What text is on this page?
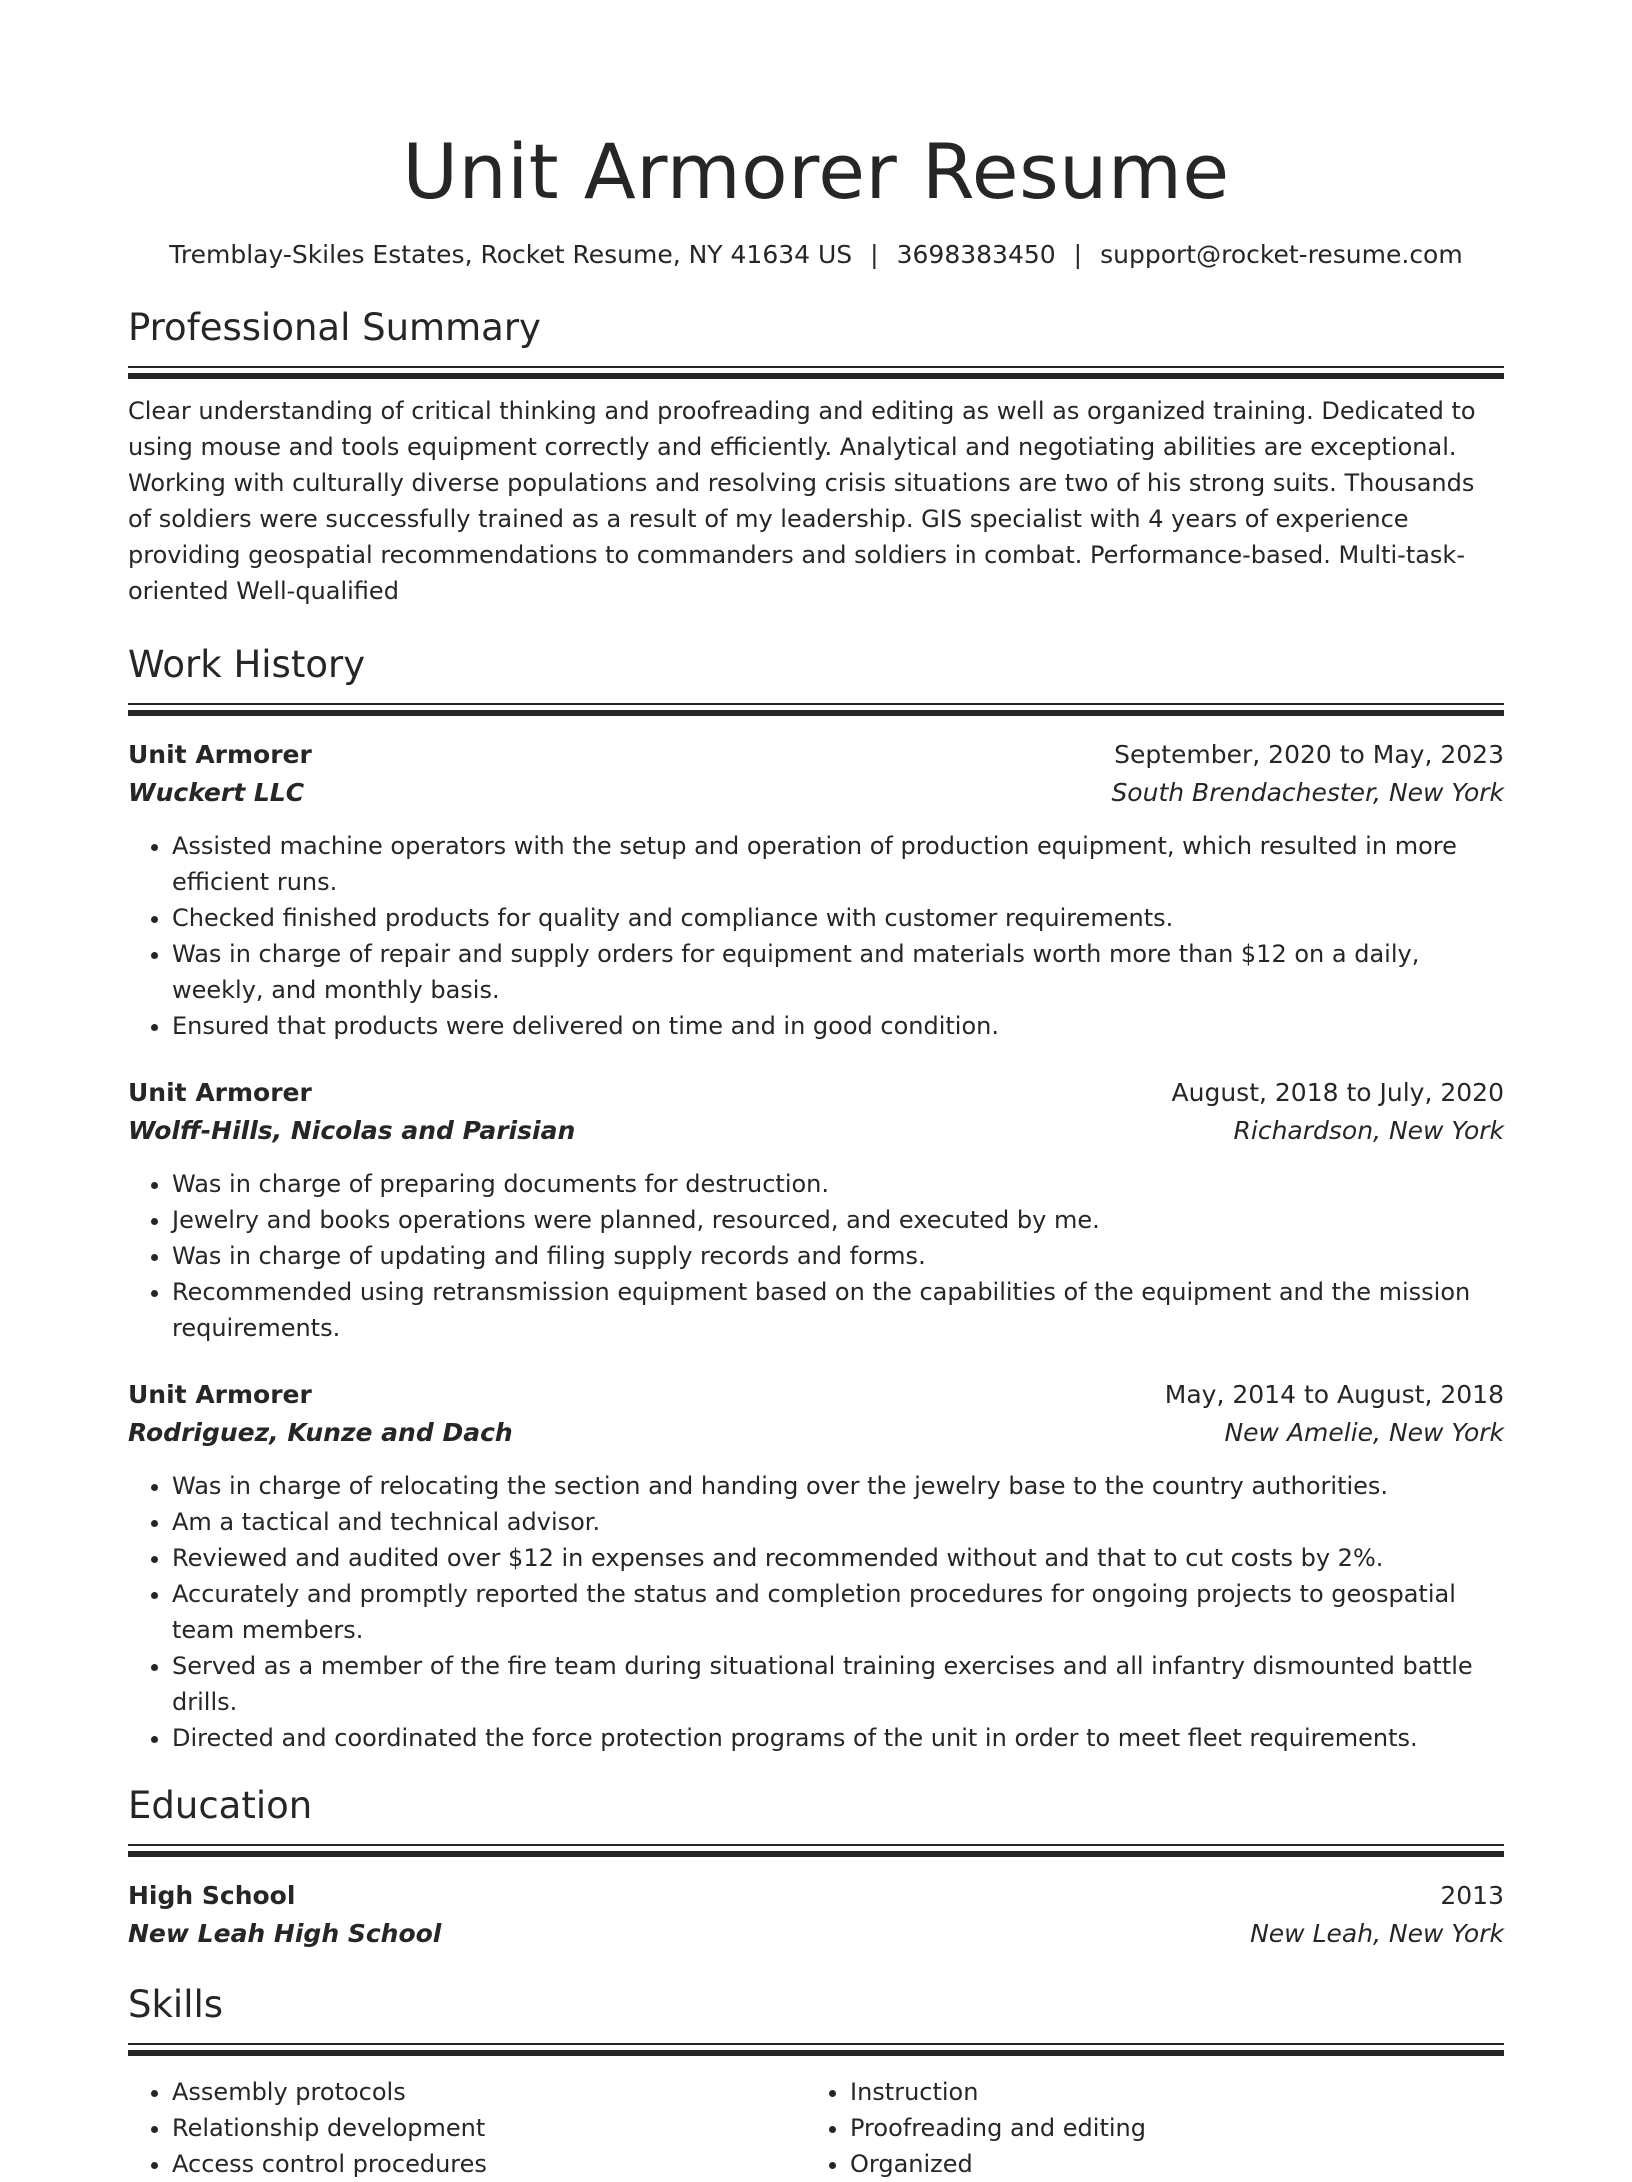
Unit Armorer Resume
Tremblay-Skiles Estates, Rocket Resume, NY 41634 US | 3698383450 | support@rocket-resume.com
Professional Summary
Clear understanding of critical thinking and proofreading and editing as well as organized training. Dedicated to using mouse and tools equipment correctly and efficiently. Analytical and negotiating abilities are exceptional. Working with culturally diverse populations and resolving crisis situations are two of his strong suits. Thousands of soldiers were successfully trained as a result of my leadership. GIS specialist with 4 years of experience providing geospatial recommendations to commanders and soldiers in combat. Performance-based. Multi-task-oriented Well-qualified
Work History
Unit Armorer	September, 2020 to May, 2023
Wuckert LLC	South Brendachester, New York
• Assisted machine operators with the setup and operation of production equipment, which resulted in more efficient runs.
• Checked finished products for quality and compliance with customer requirements.
• Was in charge of repair and supply orders for equipment and materials worth more than $12 on a daily, weekly, and monthly basis.
• Ensured that products were delivered on time and in good condition.
Unit Armorer	August, 2018 to July, 2020
Wolff-Hills, Nicolas and Parisian	Richardson, New York
• Was in charge of preparing documents for destruction.
• Jewelry and books operations were planned, resourced, and executed by me.
• Was in charge of updating and filing supply records and forms.
• Recommended using retransmission equipment based on the capabilities of the equipment and the mission requirements.
Unit Armorer	May, 2014 to August, 2018
Rodriguez, Kunze and Dach	New Amelie, New York
• Was in charge of relocating the section and handing over the jewelry base to the country authorities.
• Am a tactical and technical advisor.
• Reviewed and audited over $12 in expenses and recommended without and that to cut costs by 2%.
• Accurately and promptly reported the status and completion procedures for ongoing projects to geospatial team members.
• Served as a member of the fire team during situational training exercises and all infantry dismounted battle drills.
• Directed and coordinated the force protection programs of the unit in order to meet fleet requirements.
Education
High School	2013
New Leah High School	New Leah, New York
Skills
• Assembly protocols
• Relationship development
• Access control procedures
• Instruction
• Proofreading and editing
• Organized
